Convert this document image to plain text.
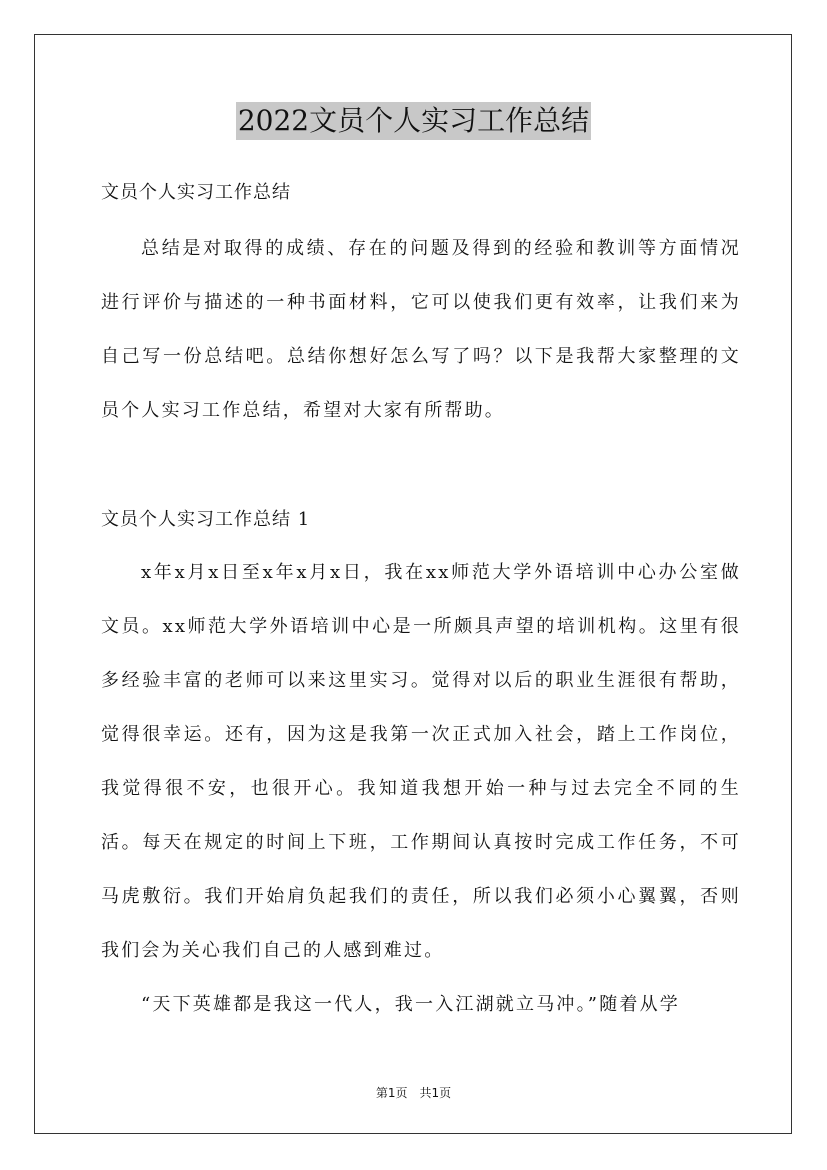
2022文员个人实习工作总结
文员个人实习工作总结
总结是对取得的成绩、存在的问题及得到的经验和教训等方面情况进行评价与描述的一种书面材料，它可以使我们更有效率，让我们来为自己写一份总结吧。总结你想好怎么写了吗？以下是我帮大家整理的文员个人实习工作总结，希望对大家有所帮助。
文员个人实习工作总结 1
x年x月x日至x年x月x日，我在xx师范大学外语培训中心办公室做文员。xx师范大学外语培训中心是一所颇具声望的培训机构。这里有很多经验丰富的老师可以来这里实习。觉得对以后的职业生涯很有帮助，觉得很幸运。还有，因为这是我第一次正式加入社会，踏上工作岗位，我觉得很不安，也很开心。我知道我想开始一种与过去完全不同的生活。每天在规定的时间上下班，工作期间认真按时完成工作任务，不可马虎敷衍。我们开始肩负起我们的责任，所以我们必须小心翼翼，否则我们会为关心我们自己的人感到难过。
“天下英雄都是我这一代人，我一入江湖就立马冲。”随着从学
第1页 共1页
